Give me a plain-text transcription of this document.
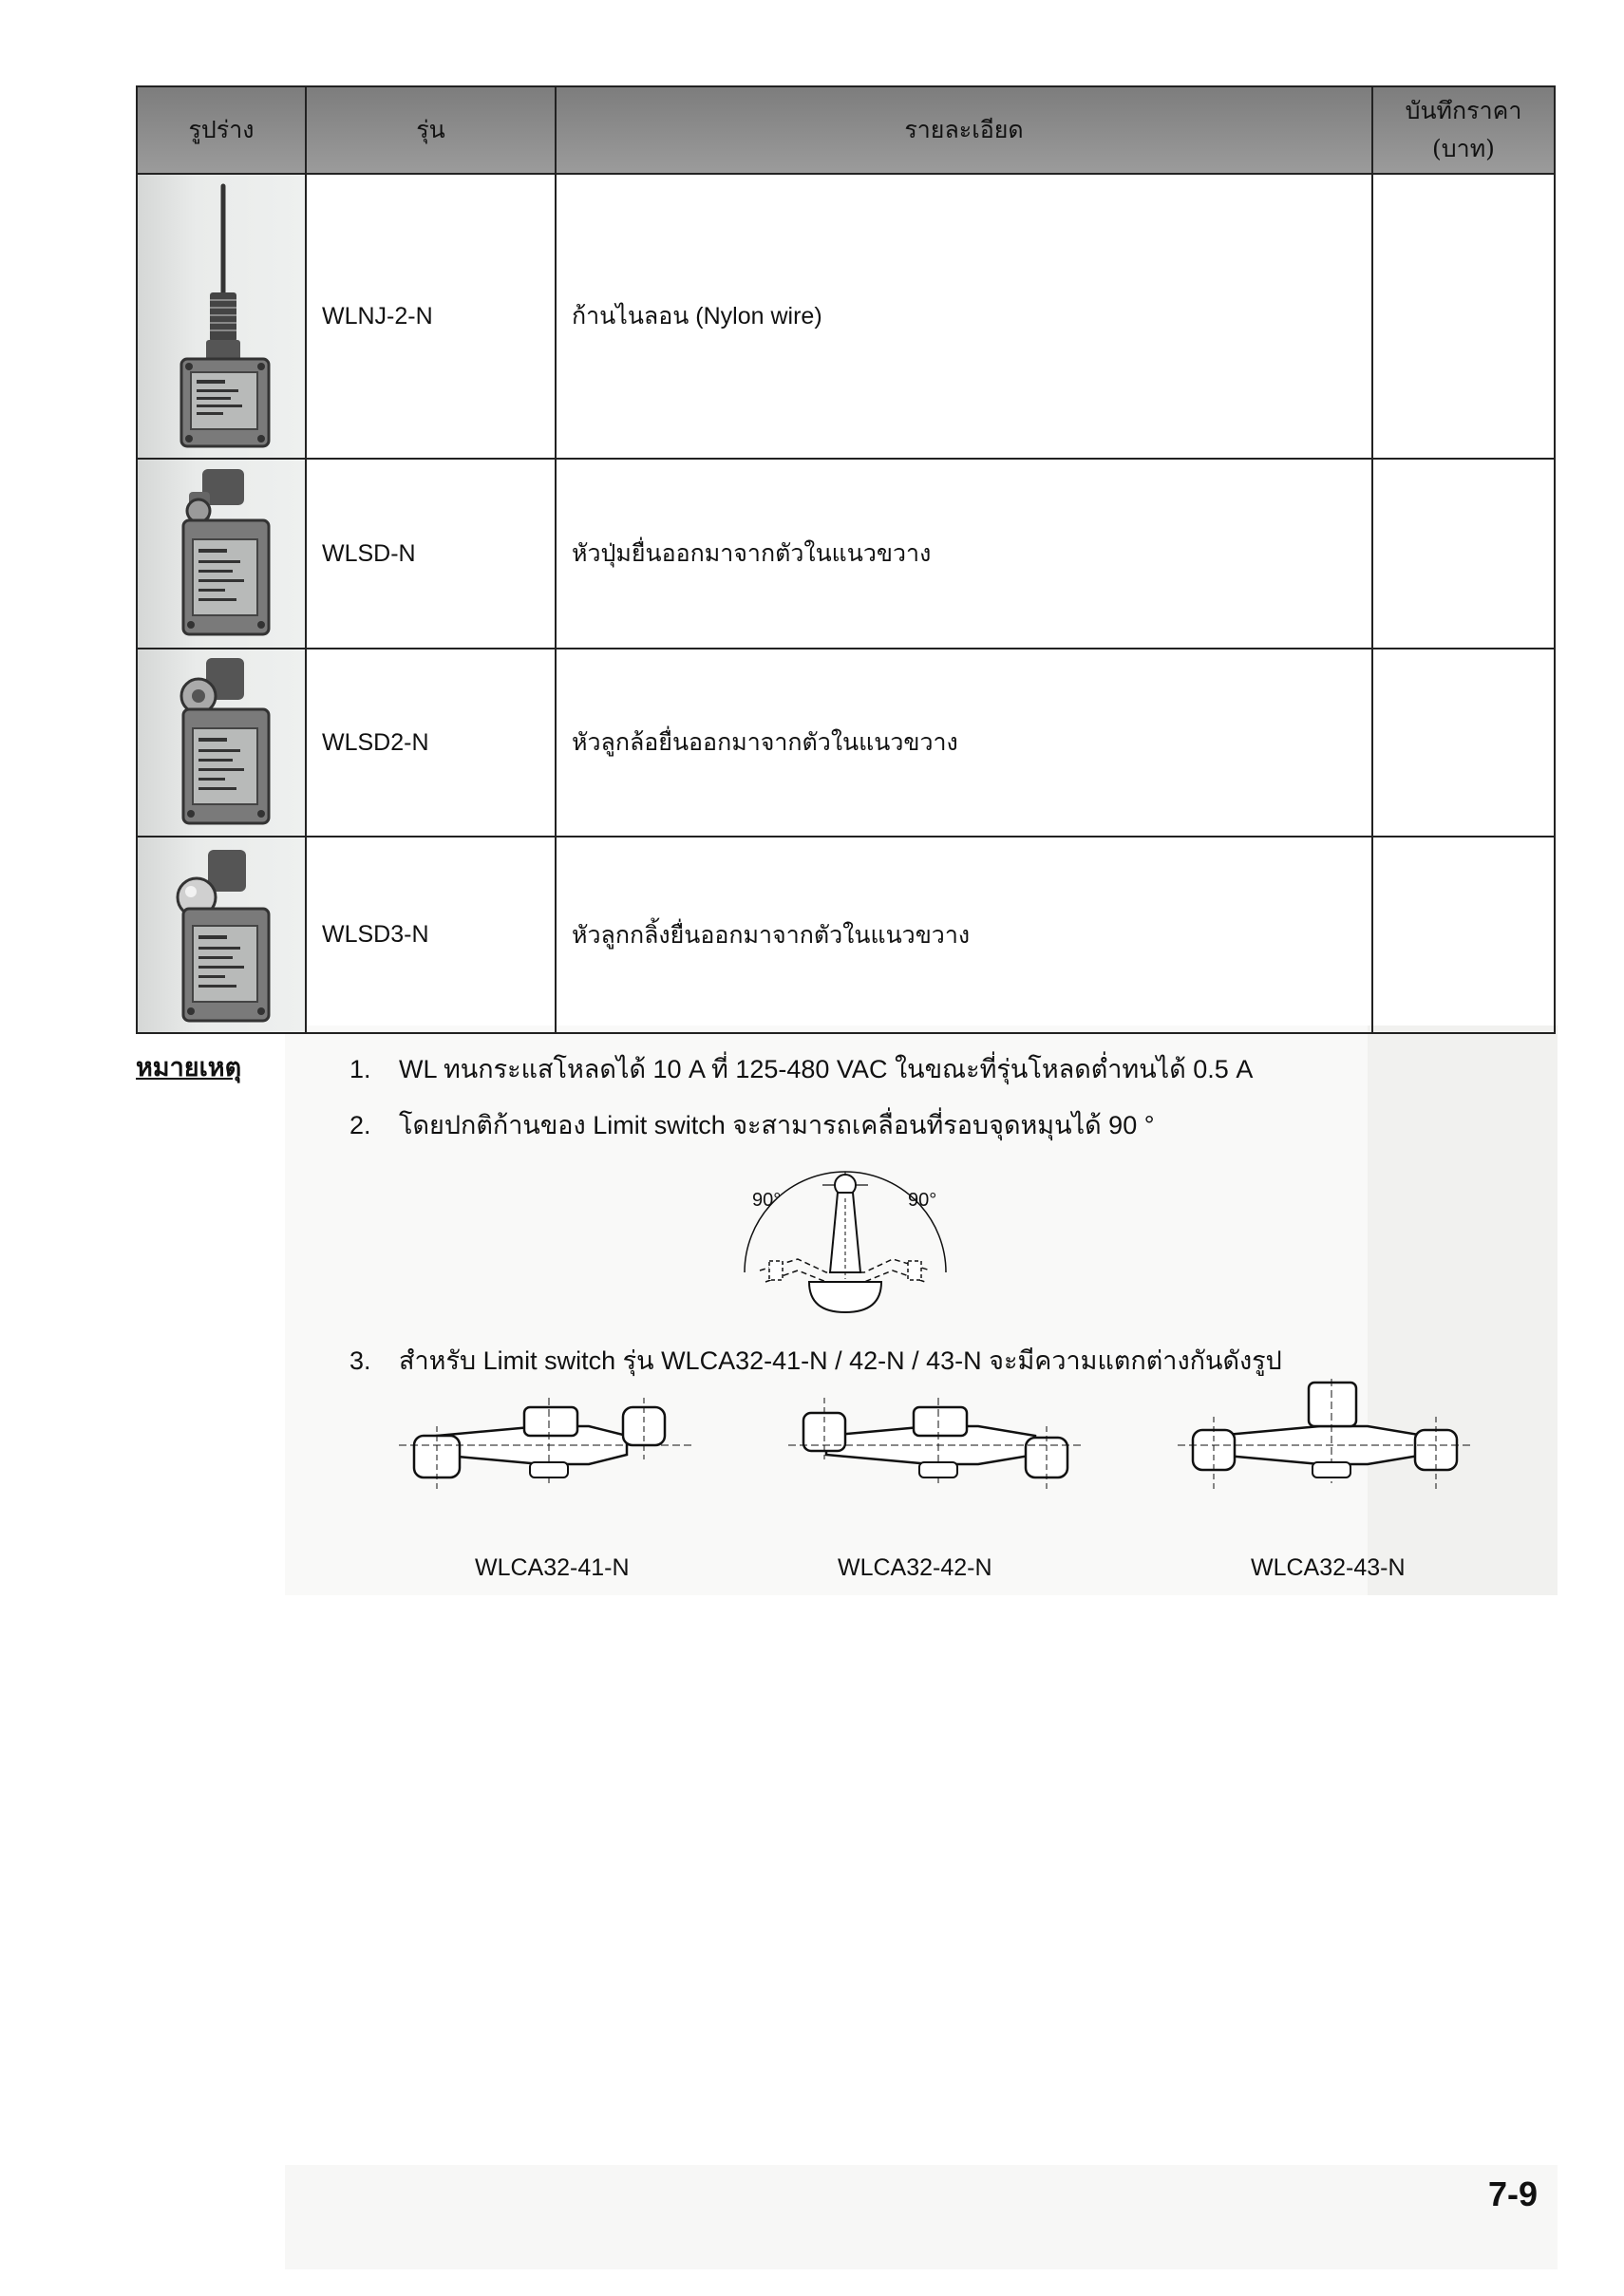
รูปร่าง	รุ่น	รายละเอียด	บันทึกราคา
(บาท)

	WLNJ-2-N	ก้านไนลอน (Nylon wire)	

	WLSD-N	หัวปุ่มยื่นออกมาจากตัวในแนวขวาง	

	WLSD2-N	หัวลูกล้อยื่นออกมาจากตัวในแนวขวาง	

	WLSD3-N	หัวลูกกลิ้งยื่นออกมาจากตัวในแนวขวาง	
หมายเหตุ	1. WL ทนกระแสโหลดได้ 10 A ที่ 125-480 VAC ในขณะที่รุ่นโหลดต่ำทนได้ 0.5 A
2. โดยปกติก้านของ Limit switch จะสามารถเคลื่อนที่รอบจุดหมุนได้ 90 °
90°	90°
3. สำหรับ Limit switch รุ่น WLCA32-41-N / 42-N / 43-N จะมีความแตกต่างกันดังรูป
WLCA32-41-N	WLCA32-42-N	WLCA32-43-N
7-9
